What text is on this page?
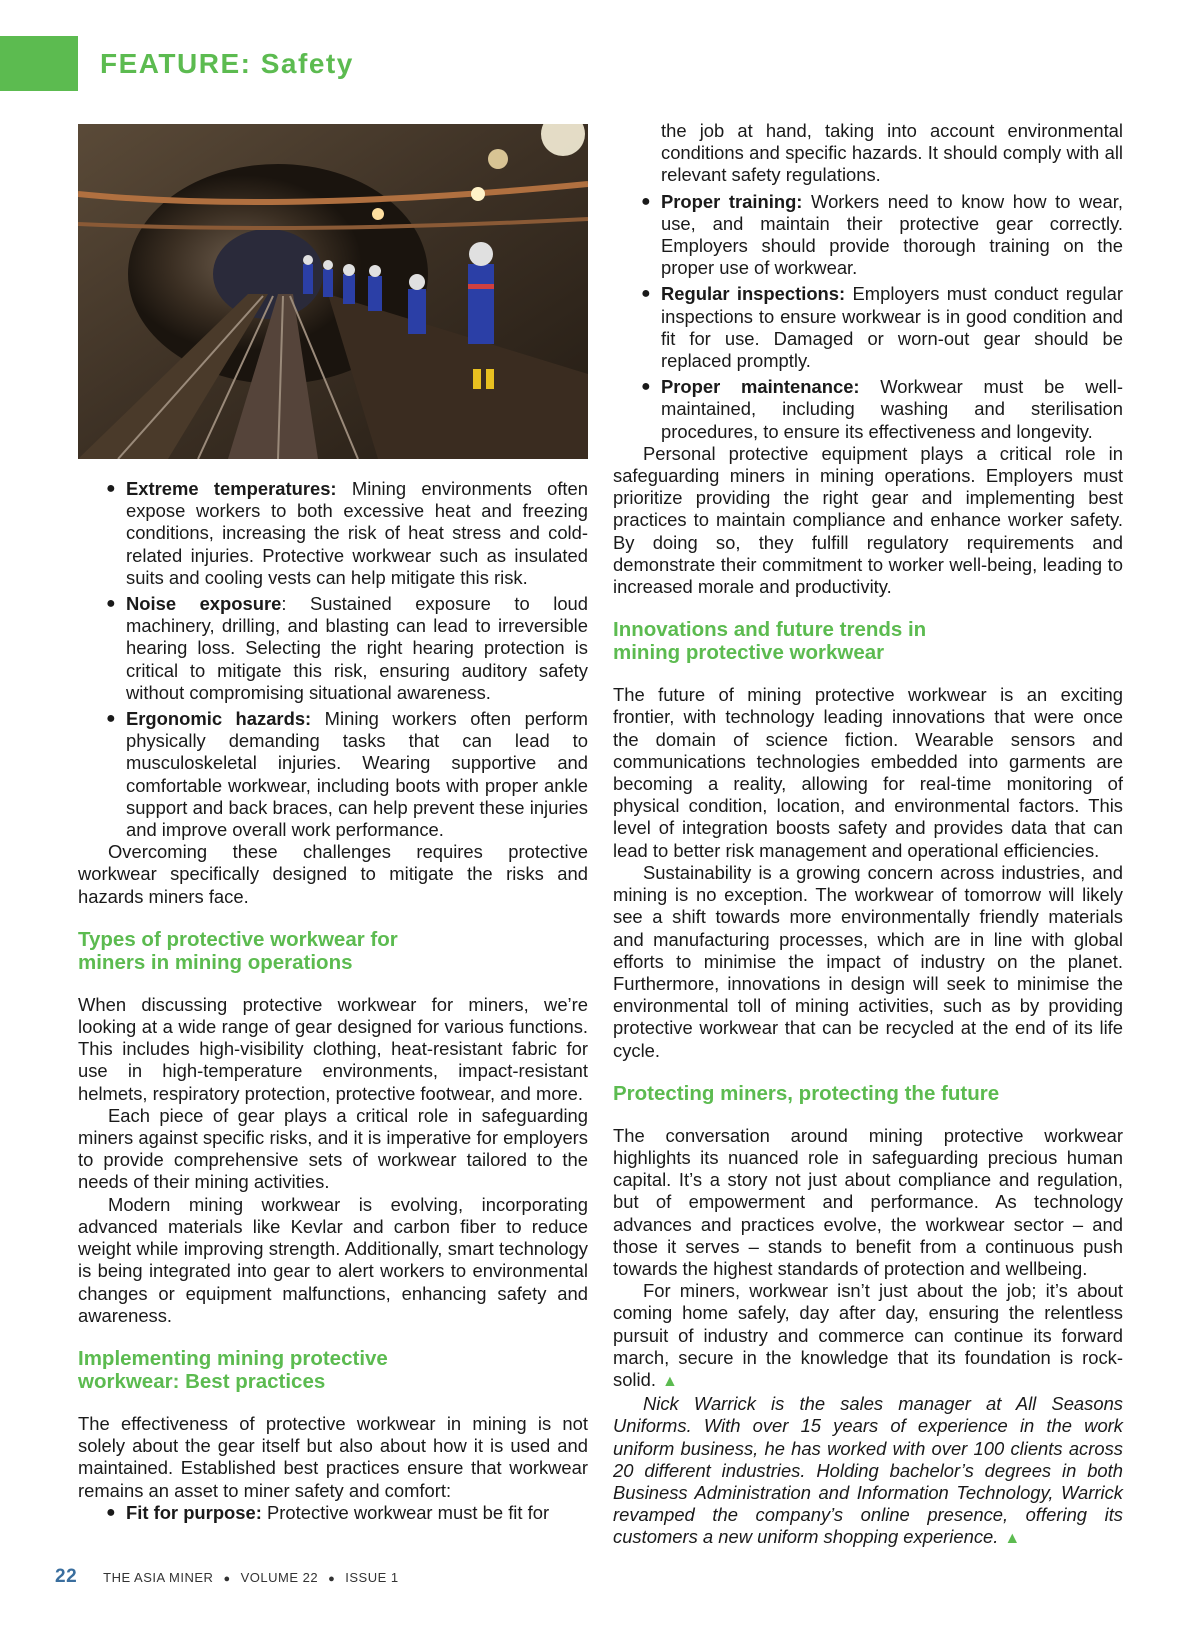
FEATURE: Safety
● Extreme temperatures: Mining environments often expose workers to both excessive heat and freezing conditions, increasing the risk of heat stress and cold-related injuries. Protective workwear such as insulated suits and cooling vests can help mitigate this risk.
● Noise exposure: Sustained exposure to loud machinery, drilling, and blasting can lead to irreversible hearing loss. Selecting the right hearing protection is critical to mitigate this risk, ensuring auditory safety without compromising situational awareness.
● Ergonomic hazards: Mining workers often perform physically demanding tasks that can lead to musculoskeletal injuries. Wearing supportive and comfortable workwear, including boots with proper ankle support and back braces, can help prevent these injuries and improve overall work performance.

Overcoming these challenges requires protective workwear specifically designed to mitigate the risks and hazards miners face.

Types of protective workwear for miners in mining operations

When discussing protective workwear for miners, we’re looking at a wide range of gear designed for various functions. This includes high-visibility clothing, heat-resistant fabric for use in high-temperature environments, impact-resistant helmets, respiratory protection, protective footwear, and more.

Each piece of gear plays a critical role in safeguarding miners against specific risks, and it is imperative for employers to provide comprehensive sets of workwear tailored to the needs of their mining activities.

Modern mining workwear is evolving, incorporating advanced materials like Kevlar and carbon fiber to reduce weight while improving strength. Additionally, smart technology is being integrated into gear to alert workers to environmental changes or equipment malfunctions, enhancing safety and awareness.

Implementing mining protective workwear: Best practices

The effectiveness of protective workwear in mining is not solely about the gear itself but also about how it is used and maintained. Established best practices ensure that workwear remains an asset to miner safety and comfort:

● Fit for purpose: Protective workwear must be fit for
the job at hand, taking into account environmental conditions and specific hazards. It should comply with all relevant safety regulations.
● Proper training: Workers need to know how to wear, use, and maintain their protective gear correctly. Employers should provide thorough training on the proper use of workwear.
● Regular inspections: Employers must conduct regular inspections to ensure workwear is in good condition and fit for use. Damaged or worn-out gear should be replaced promptly.
● Proper maintenance: Workwear must be well-maintained, including washing and sterilisation procedures, to ensure its effectiveness and longevity.

Personal protective equipment plays a critical role in safeguarding miners in mining operations. Employers must prioritize providing the right gear and implementing best practices to maintain compliance and enhance worker safety. By doing so, they fulfill regulatory requirements and demonstrate their commitment to worker well-being, leading to increased morale and productivity.

Innovations and future trends in mining protective workwear

The future of mining protective workwear is an exciting frontier, with technology leading innovations that were once the domain of science fiction. Wearable sensors and communications technologies embedded into garments are becoming a reality, allowing for real-time monitoring of physical condition, location, and environmental factors. This level of integration boosts safety and provides data that can lead to better risk management and operational efficiencies.

Sustainability is a growing concern across industries, and mining is no exception. The workwear of tomorrow will likely see a shift towards more environmentally friendly materials and manufacturing processes, which are in line with global efforts to minimise the impact of industry on the planet. Furthermore, innovations in design will seek to minimise the environmental toll of mining activities, such as by providing protective workwear that can be recycled at the end of its life cycle.

Protecting miners, protecting the future

The conversation around mining protective workwear highlights its nuanced role in safeguarding precious human capital. It’s a story not just about compliance and regulation, but of empowerment and performance. As technology advances and practices evolve, the workwear sector – and those it serves – stands to benefit from a continuous push towards the highest standards of protection and wellbeing.

For miners, workwear isn’t just about the job; it’s about coming home safely, day after day, ensuring the relentless pursuit of industry and commerce can continue its forward march, secure in the knowledge that its foundation is rock-solid. ▲

Nick Warrick is the sales manager at All Seasons Uniforms. With over 15 years of experience in the work uniform business, he has worked with over 100 clients across 20 different industries. Holding bachelor’s degrees in both Business Administration and Information Technology, Warrick revamped the company’s online presence, offering its customers a new uniform shopping experience. ▲

22 THE ASIA MINER ● VOLUME 22 ● ISSUE 1
